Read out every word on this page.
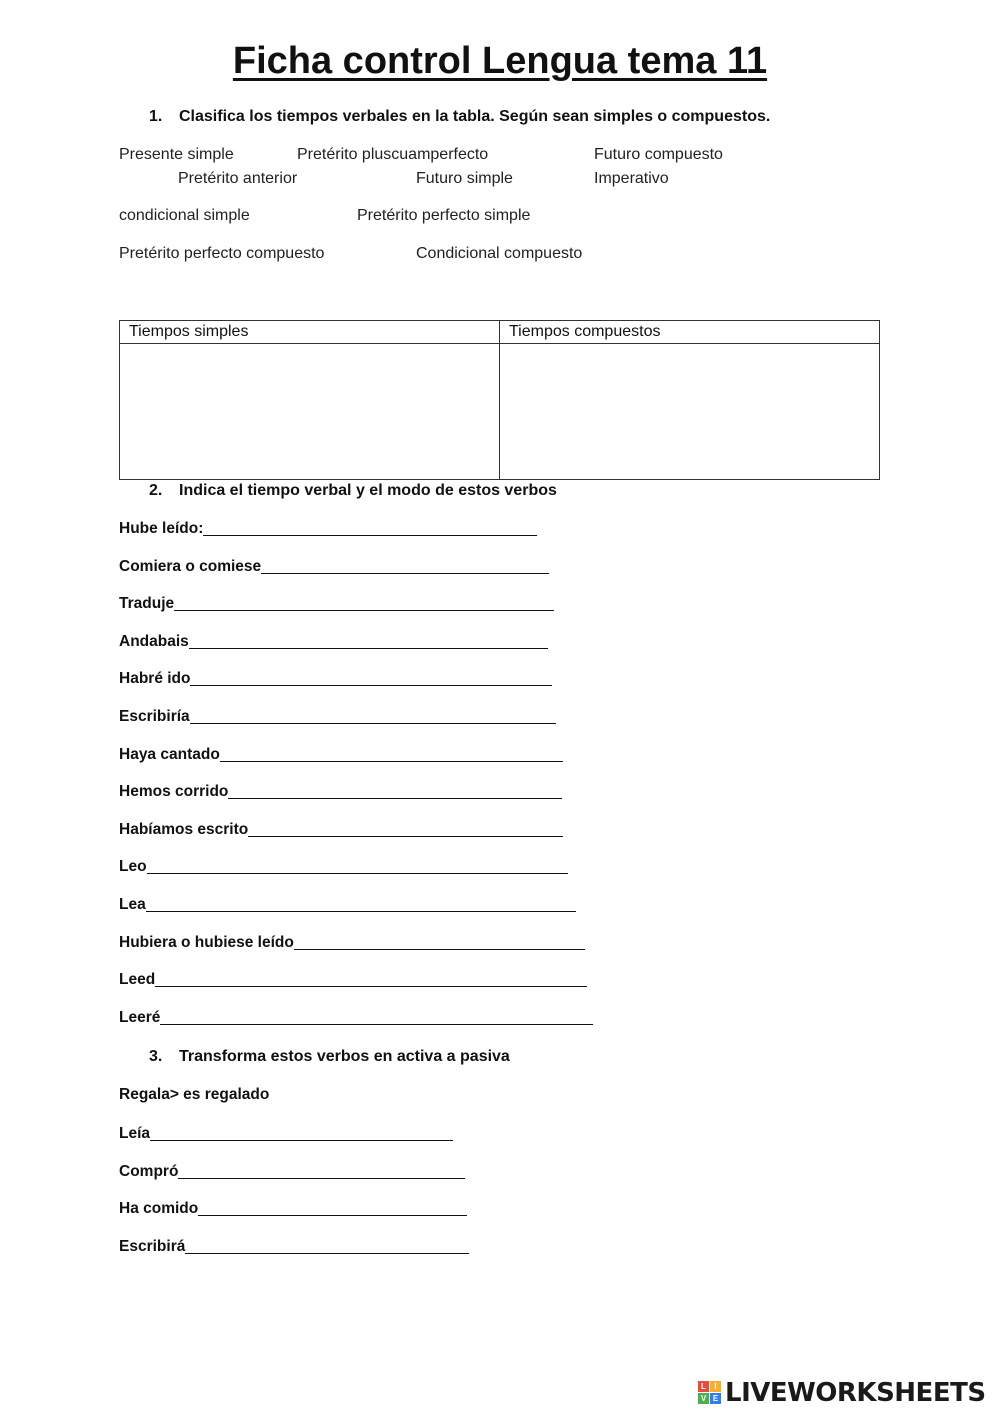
Ficha control Lengua tema 11
1. Clasifica los tiempos verbales en la tabla. Según sean simples o compuestos.
Presente simple	Pretérito pluscuamperfecto	Futuro compuesto
Pretérito anterior	Futuro simple	Imperativo
condicional simple	Pretérito perfecto simple
Pretérito perfecto compuesto	Condicional compuesto
Tiempos simples	Tiempos compuestos

2. Indica el tiempo verbal y el modo de estos verbos
Hube leído:
Comiera o comiese
Traduje
Andabais
Habré ido
Escribiría
Haya cantado
Hemos corrido
Habíamos escrito
Leo
Lea
Hubiera o hubiese leído
Leed
Leeré
3. Transforma estos verbos en activa a pasiva
Regala> es regalado
Leía
Compró
Ha comido
Escribirá
L	I
V E LIVEWORKSHEETS
